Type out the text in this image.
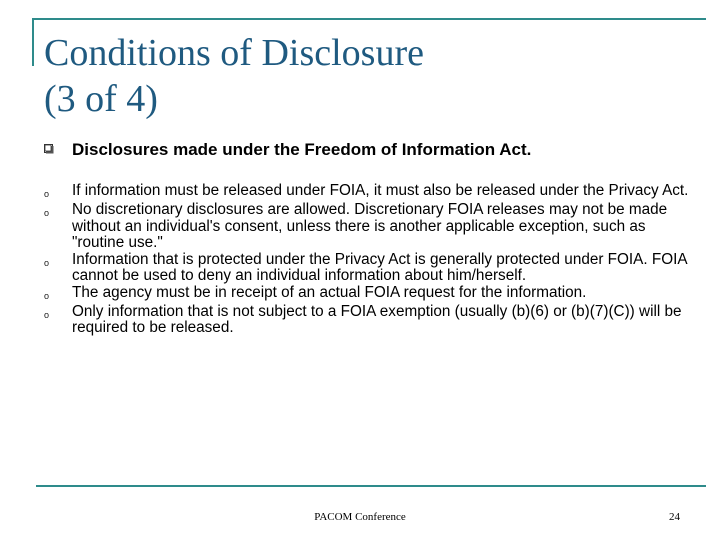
Conditions of Disclosure
(3 of 4)
Disclosures made under the Freedom of Information Act.
o	If information must be released under FOIA, it must also be released under the Privacy Act.
o	No discretionary disclosures are allowed. Discretionary FOIA releases may not be made without an individual's consent, unless there is another applicable exception, such as "routine use."
o	Information that is protected under the Privacy Act is generally protected under FOIA. FOIA cannot be used to deny an individual information about him/herself.
o	The agency must be in receipt of an actual FOIA request for the information.
o	Only information that is not subject to a FOIA exemption (usually (b)(6) or (b)(7)(C)) will be required to be released.
PACOM Conference	24
